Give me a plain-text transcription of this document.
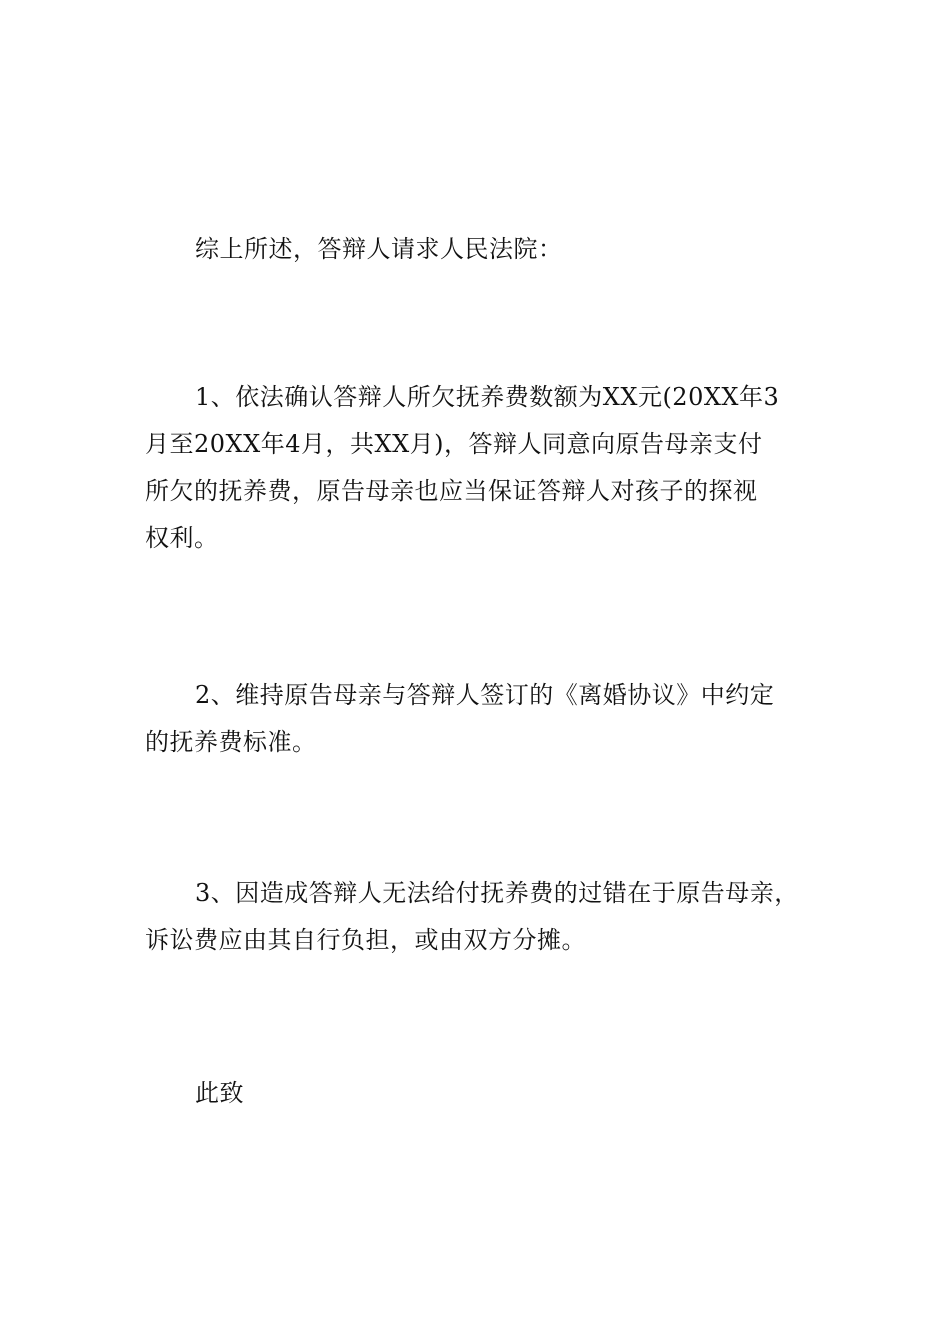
综上所述，答辩人请求人民法院：

1、依法确认答辩人所欠抚养费数额为XX元(20XX年3
月至20XX年4月，共XX月)，答辩人同意向原告母亲支付
所欠的抚养费，原告母亲也应当保证答辩人对孩子的探视
权利。

2、维持原告母亲与答辩人签订的《离婚协议》中约定
的抚养费标准。

3、因造成答辩人无法给付抚养费的过错在于原告母亲，
诉讼费应由其自行负担，或由双方分摊。

此致
